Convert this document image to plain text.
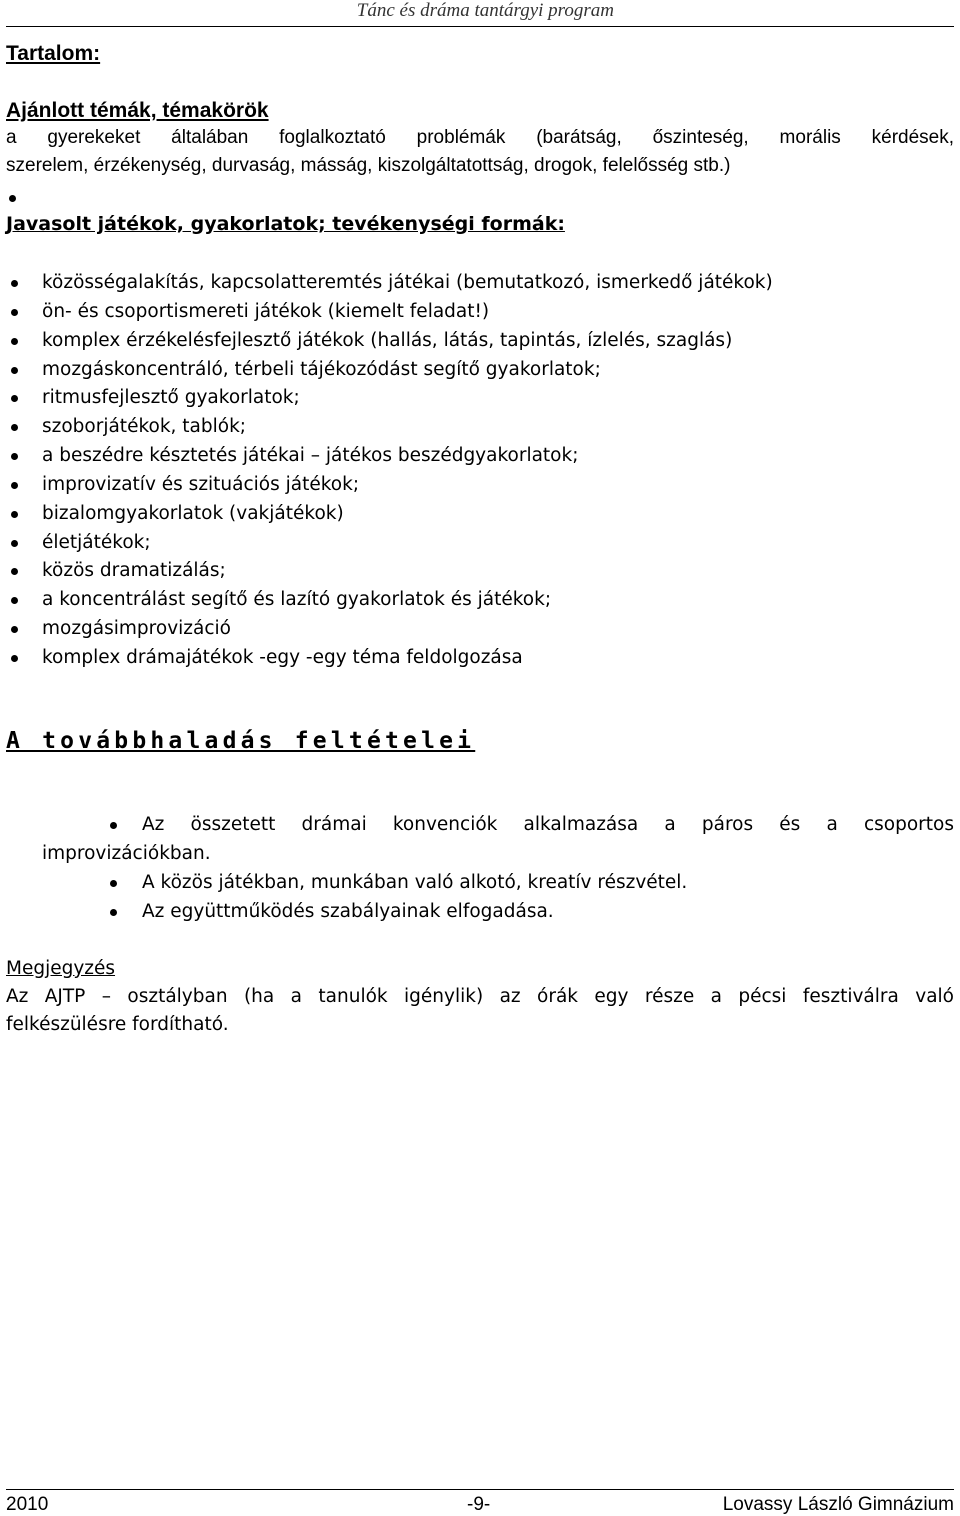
Tánc és dráma tantárgyi program
Tartalom:
Ajánlott témák, témakörök
a gyerekeket általában foglalkoztató problémák (barátság, őszinteség, morális kérdések,
szerelem, érzékenység, durvaság, másság, kiszolgáltatottság, drogok, felelősség stb.)
Javasolt játékok, gyakorlatok; tevékenységi formák:
közösségalakítás, kapcsolatteremtés játékai (bemutatkozó, ismerkedő játékok)
ön- és csoportismereti játékok (kiemelt feladat!)
komplex érzékelésfejlesztő játékok (hallás, látás, tapintás, ízlelés, szaglás)
mozgáskoncentráló, térbeli tájékozódást segítő gyakorlatok;
ritmusfejlesztő gyakorlatok;
szoborjátékok, tablók;
a beszédre késztetés játékai – játékos beszédgyakorlatok;
improvizatív és szituációs játékok;
bizalomgyakorlatok (vakjátékok)
életjátékok;
közös dramatizálás;
a koncentrálást segítő és lazító gyakorlatok és játékok;
mozgásimprovizáció
komplex drámajátékok -egy -egy téma feldolgozása
A továbbhaladás feltételei
Az összetett drámai konvenciók alkalmazása a páros és a csoportos
improvizációkban.
A közös játékban, munkában való alkotó, kreatív részvétel.
Az együttműködés szabályainak elfogadása.
Megjegyzés
Az AJTP – osztályban (ha a tanulók igénylik) az órák egy része a pécsi fesztiválra való
felkészülésre fordítható.
2010	-9-	Lovassy László Gimnázium
